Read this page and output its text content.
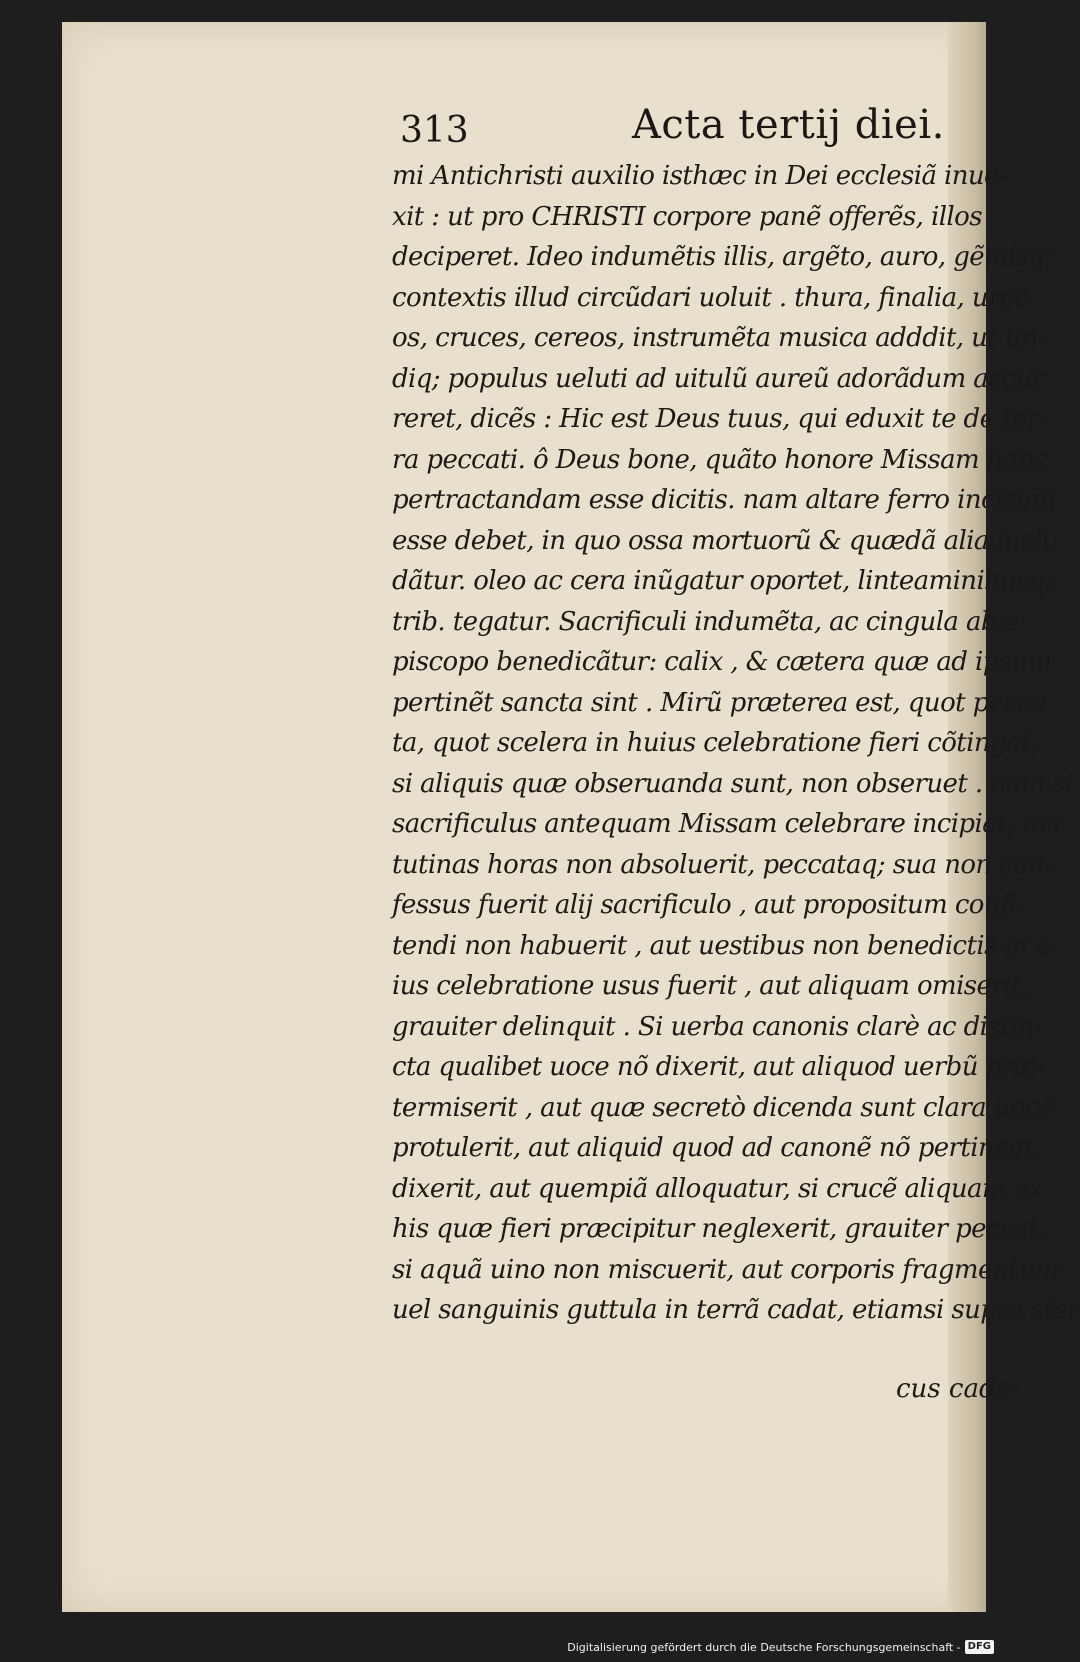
313	Acta tertij diei.
mi Antichristi auxilio isthæc in Dei ecclesiã inue-
xit : ut pro CHRISTI corpore panẽ offerẽs, illos
deciperet. Ideo indumẽtis illis, argẽto, auro, gẽmisq;
contextis illud circũdari uoluit . thura, finalia, urce
os, cruces, cereos, instrumẽta musica adddit, ut un-
diq; populus ueluti ad uitulũ aureũ adorãdum accur
reret, dicẽs : Hic est Deus tuus, qui eduxit te de ter-
ra peccati. ô Deus bone, quãto honore Missam hanc
pertractandam esse dicitis. nam altare ferro incisum
esse debet, in quo ossa mortuorũ & quædã alia inclu
dãtur. oleo ac cera inũgatur oportet, linteaminibusq;
trib. tegatur. Sacrificuli indumẽta, ac cingula ab e-
piscopo benedicãtur: calix , & cætera quæ ad ipsum
pertinẽt sancta sint . Mirũ præterea est, quot pecca
ta, quot scelera in huius celebratione fieri cõtingat,
si aliquis quæ obseruanda sunt, non obseruet . nam si
sacrificulus antequam Missam celebrare incipiat, ma
tutinas horas non absoluerit, peccataq; sua non con-
fessus fuerit alij sacrificulo , aut propositum confi-
tendi non habuerit , aut uestibus non benedictis in e-
ius celebratione usus fuerit , aut aliquam omiserit,
grauiter delinquit . Si uerba canonis clarè ac distin-
cta qualibet uoce nõ dixerit, aut aliquod uerbũ præ-
termiserit , aut quæ secretò dicenda sunt clara uoce
protulerit, aut aliquid quod ad canonẽ nõ pertineat,
dixerit, aut quempiã alloquatur, si crucẽ aliquam ex
his quæ fieri præcipitur neglexerit, grauiter peccat.
si aquã uino non miscuerit, aut corporis fragmentum
uel sanguinis guttula in terrã cadat, etiamsi supra ster
cus cade-
Digitalisierung gefördert durch die Deutsche Forschungsgemeinschaft - DFG
